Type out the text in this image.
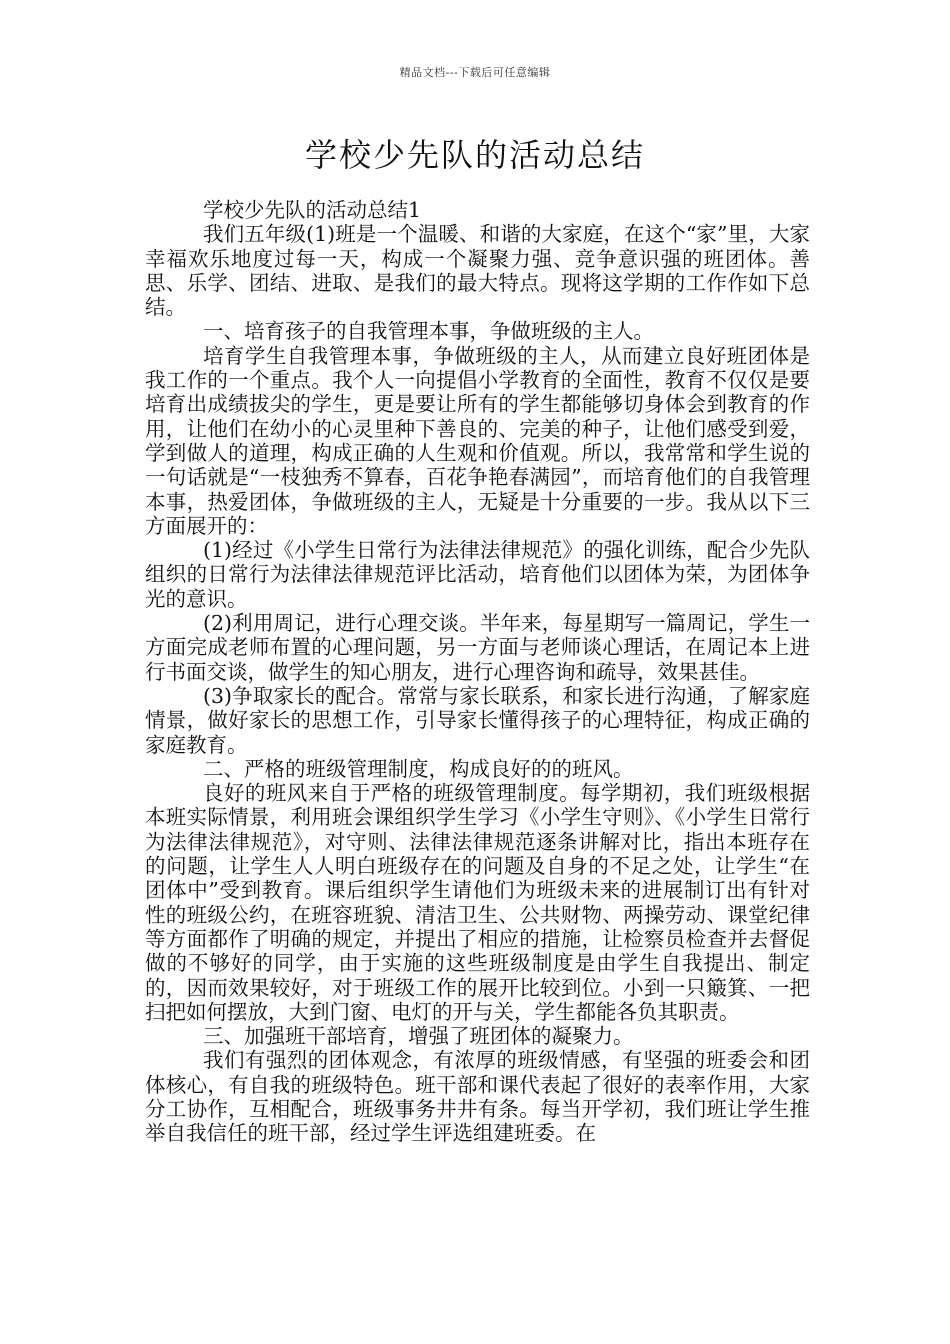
精品文档---下载后可任意编辑
学校少先队的活动总结

学校少先队的活动总结1

我们五年级(1)班是一个温暖、和谐的大家庭，在这个“家”里，大家幸福欢乐地度过每一天，构成一个凝聚力强、竞争意识强的班团体。善思、乐学、团结、进取、是我们的最大特点。现将这学期的工作作如下总结。

一、培育孩子的自我管理本事，争做班级的主人。

培育学生自我管理本事，争做班级的主人，从而建立良好班团体是我工作的一个重点。我个人一向提倡小学教育的全面性，教育不仅仅是要培育出成绩拔尖的学生，更是要让所有的学生都能够切身体会到教育的作用，让他们在幼小的心灵里种下善良的、完美的种子，让他们感受到爱，学到做人的道理，构成正确的人生观和价值观。所以，我常常和学生说的一句话就是“一枝独秀不算春，百花争艳春满园”，而培育他们的自我管理本事，热爱团体，争做班级的主人，无疑是十分重要的一步。我从以下三方面展开的：

(1)经过《小学生日常行为法律法律规范》的强化训练，配合少先队组织的日常行为法律法律规范评比活动，培育他们以团体为荣，为团体争光的意识。

(2)利用周记，进行心理交谈。半年来，每星期写一篇周记，学生一方面完成老师布置的心理问题，另一方面与老师谈心理话，在周记本上进行书面交谈，做学生的知心朋友，进行心理咨询和疏导，效果甚佳。

(3)争取家长的配合。常常与家长联系，和家长进行沟通，了解家庭情景，做好家长的思想工作，引导家长懂得孩子的心理特征，构成正确的家庭教育。

二、严格的班级管理制度，构成良好的的班风。

良好的班风来自于严格的班级管理制度。每学期初，我们班级根据本班实际情景，利用班会课组织学生学习《小学生守则》、《小学生日常行为法律法律规范》，对守则、法律法律规范逐条讲解对比，指出本班存在的问题，让学生人人明白班级存在的问题及自身的不足之处，让学生“在团体中”受到教育。课后组织学生请他们为班级未来的进展制订出有针对性的班级公约，在班容班貌、清洁卫生、公共财物、两操劳动、课堂纪律等方面都作了明确的规定，并提出了相应的措施，让检察员检查并去督促做的不够好的同学，由于实施的这些班级制度是由学生自我提出、制定的，因而效果较好，对于班级工作的展开比较到位。小到一只簸箕、一把扫把如何摆放，大到门窗、电灯的开与关，学生都能各负其职责。

三、加强班干部培育，增强了班团体的凝聚力。

我们有强烈的团体观念，有浓厚的班级情感，有坚强的班委会和团体核心，有自我的班级特色。班干部和课代表起了很好的表率作用，大家分工协作，互相配合，班级事务井井有条。每当开学初，我们班让学生推举自我信任的班干部，经过学生评选组建班委。在
